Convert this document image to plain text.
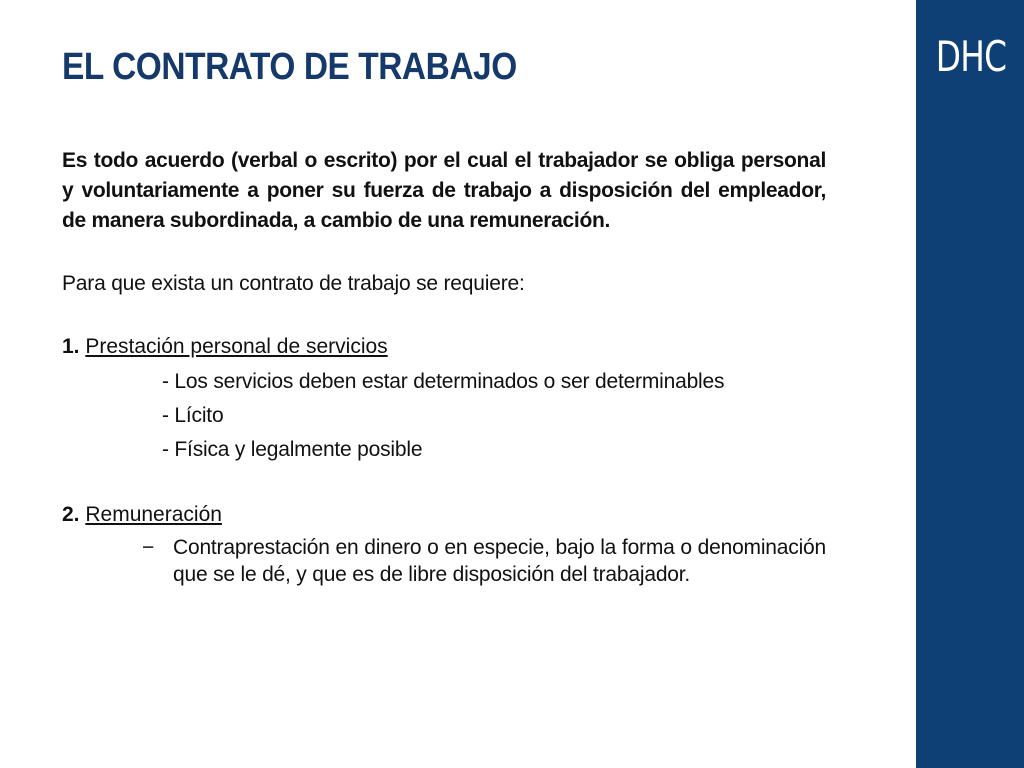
EL CONTRATO DE TRABAJO

Es todo acuerdo (verbal o escrito) por el cual el trabajador se obliga personal y voluntariamente a poner su fuerza de trabajo a disposición del empleador, de manera subordinada, a cambio de una remuneración.

Para que exista un contrato de trabajo se requiere:

1. Prestación personal de servicios

- Los servicios deben estar determinados o ser determinables
- Lícito
- Física y legalmente posible

2. Remuneración

− Contraprestación en dinero o en especie, bajo la forma o denominación que se le dé, y que es de libre disposición del trabajador.

DHC
